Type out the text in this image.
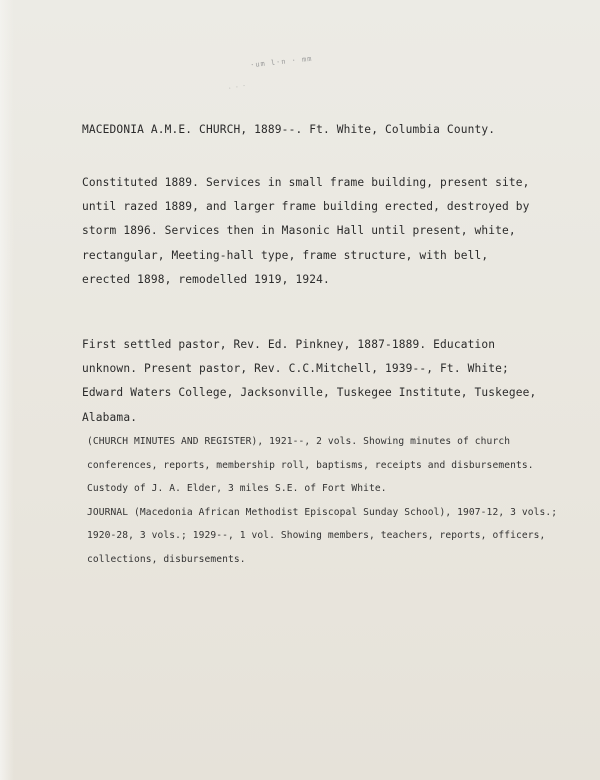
·um l·n · mm
· · ·
MACEDONIA A.M.E. CHURCH, 1889--. Ft. White, Columbia County.
Constituted 1889. Services in small frame building, present site,
until razed 1889, and larger frame building erected, destroyed by
storm 1896. Services then in Masonic Hall until present, white,
rectangular, Meeting-hall type, frame structure, with bell,
erected 1898, remodelled 1919, 1924.
First settled pastor, Rev. Ed. Pinkney, 1887-1889. Education
unknown. Present pastor, Rev. C.C.Mitchell, 1939--, Ft. White;
Edward Waters College, Jacksonville, Tuskegee Institute, Tuskegee,
Alabama.
(CHURCH MINUTES AND REGISTER), 1921--, 2 vols. Showing minutes of church
conferences, reports, membership roll, baptisms, receipts and disbursements.
Custody of J. A. Elder, 3 miles S.E. of Fort White.
JOURNAL (Macedonia African Methodist Episcopal Sunday School), 1907-12, 3 vols.;
1920-28, 3 vols.; 1929--, 1 vol. Showing members, teachers, reports, officers,
collections, disbursements.
